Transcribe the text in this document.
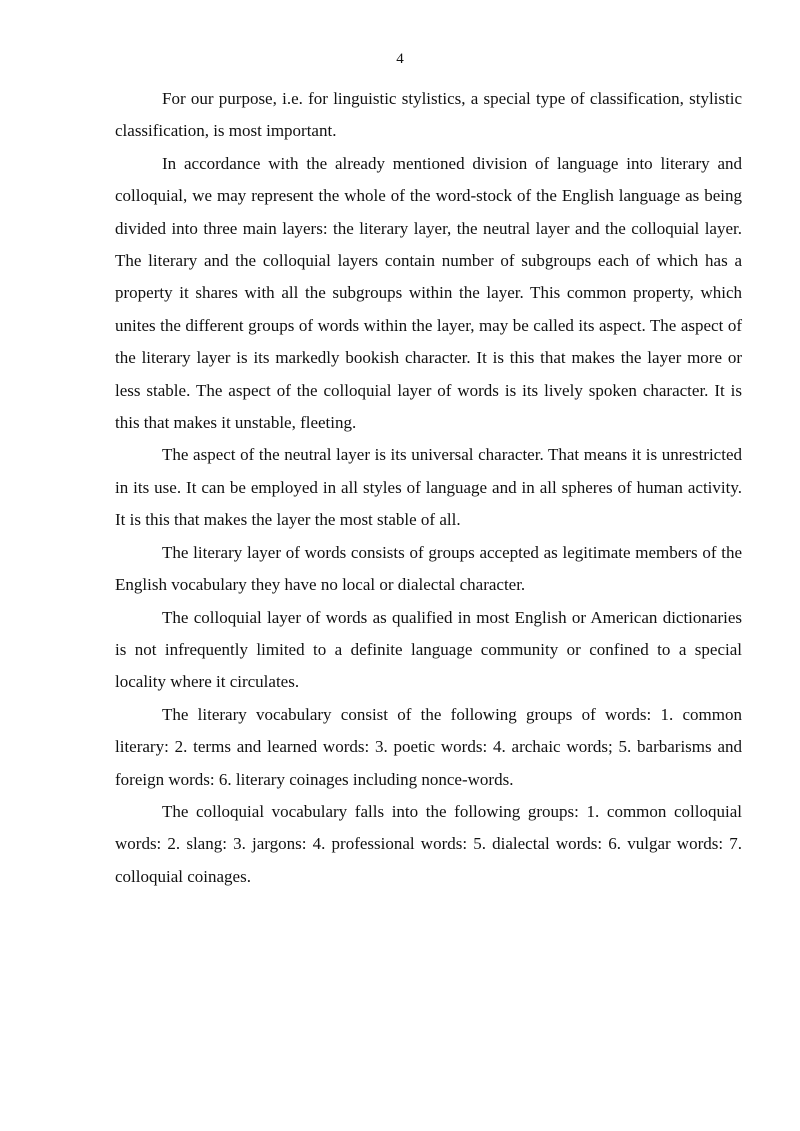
4

For our purpose, i.e. for linguistic stylistics, a special type of classification, stylistic classification, is most important.

In accordance with the already mentioned division of language into literary and colloquial, we may represent the whole of the word-stock of the English language as being divided into three main layers: the literary layer, the neutral layer and the colloquial layer. The literary and the colloquial layers contain number of subgroups each of which has a property it shares with all the subgroups within the layer. This common property, which unites the different groups of words within the layer, may be called its aspect. The aspect of the literary layer is its markedly bookish character. It is this that makes the layer more or less stable. The aspect of the colloquial layer of words is its lively spoken character. It is this that makes it unstable, fleeting.

The aspect of the neutral layer is its universal character. That means it is unrestricted in its use. It can be employed in all styles of language and in all spheres of human activity. It is this that makes the layer the most stable of all.

The literary layer of words consists of groups accepted as legitimate members of the English vocabulary they have no local or dialectal character.

The colloquial layer of words as qualified in most English or American dictionaries is not infrequently limited to a definite language community or confined to a special locality where it circulates.

The literary vocabulary consist of the following groups of words: 1. common literary: 2. terms and learned words: 3. poetic words: 4. archaic words; 5. barbarisms and foreign words: 6. literary coinages including nonce-words.

The colloquial vocabulary falls into the following groups: 1. common colloquial words: 2. slang: 3. jargons: 4. professional words: 5. dialectal words: 6. vulgar words: 7. colloquial coinages.
